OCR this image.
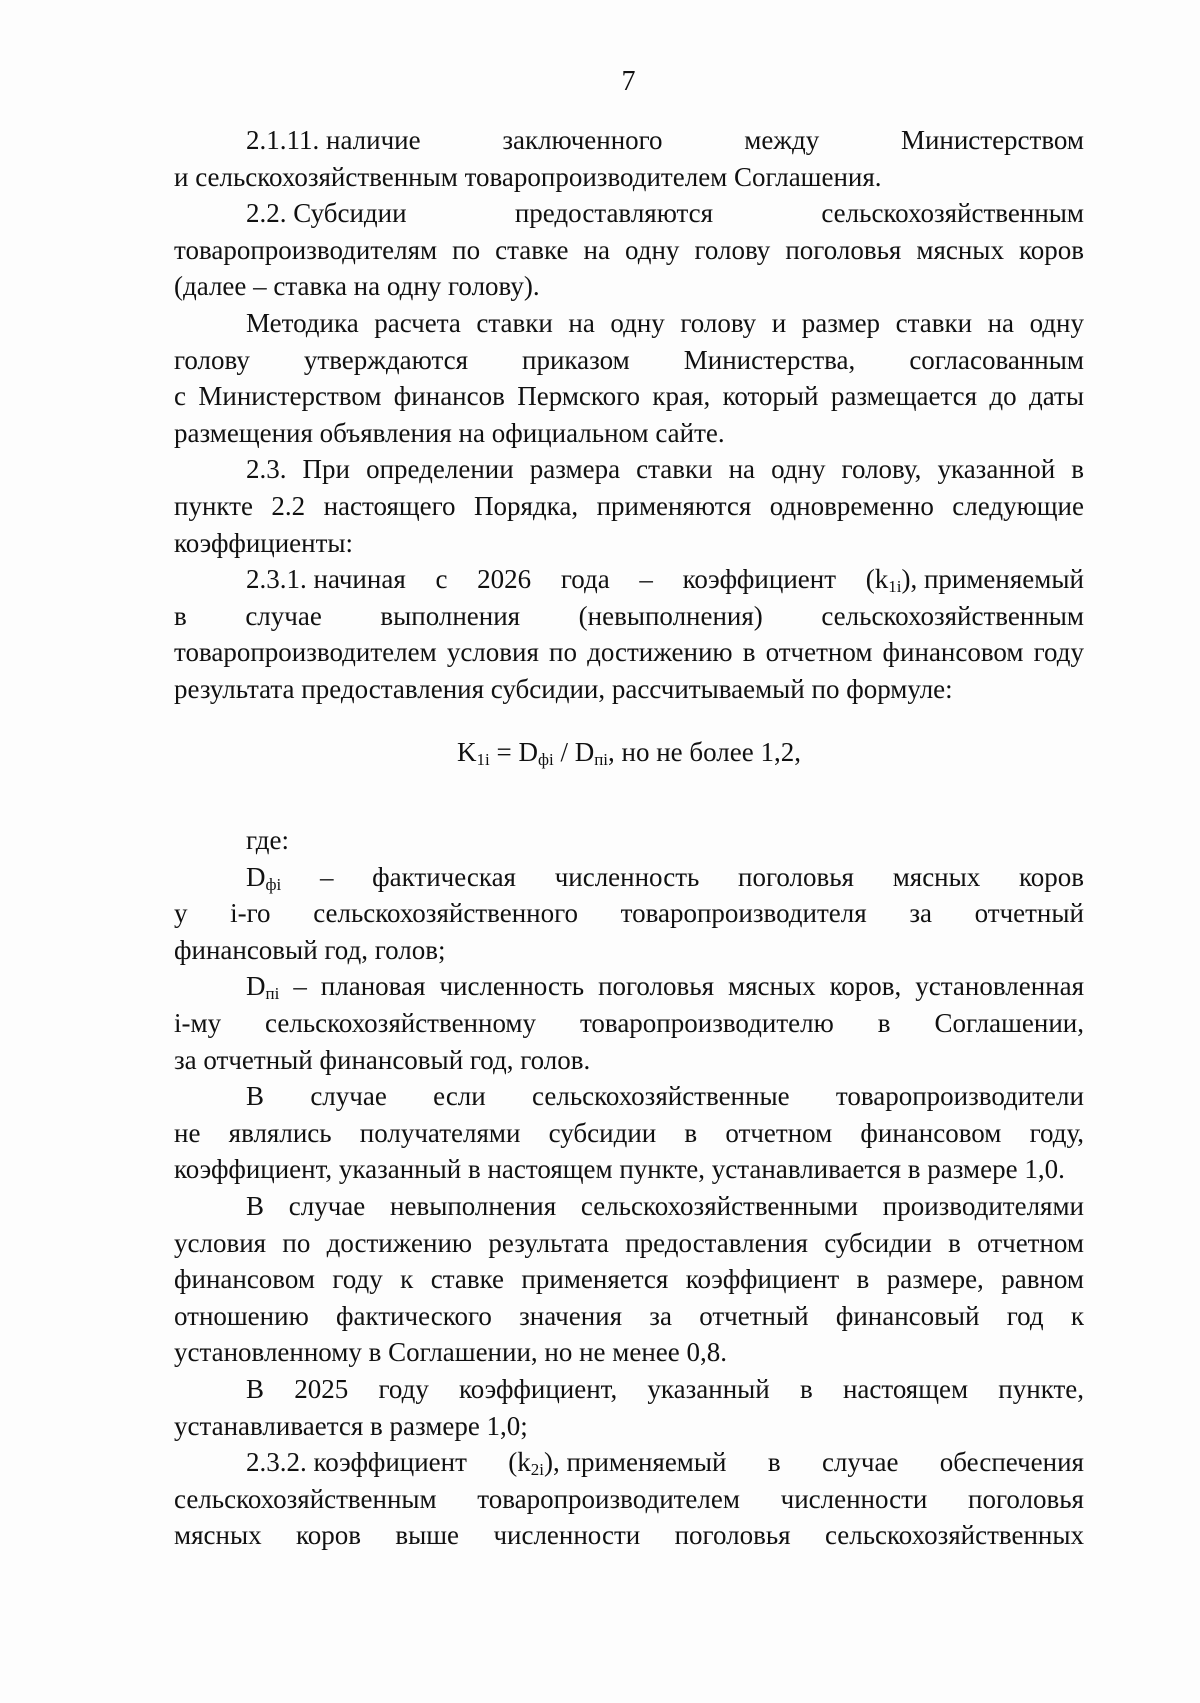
7
2.1.11. наличие	заключенного	между	Министерством
и сельскохозяйственным товаропроизводителем Соглашения.
2.2. Субсидии	предоставляются	сельскохозяйственным

товаропроизводителям по ставке на одну голову поголовья мясных коров (далее – ставка на одну голову).

Методика расчета ставки на одну голову и размер ставки на одну

голову утверждаются приказом Министерства, согласованным

с Министерством финансов Пермского края, который размещается до даты размещения объявления на официальном сайте.

2.3. При определении размера ставки на одну голову, указанной в пункте 2.2 настоящего Порядка, применяются одновременно следующие коэффициенты:

2.3.1. начиная с 2026 года – коэффициент $(k_{1i})$, применяемый
в случае выполнения (невыполнения) сельскохозяйственным

товаропроизводителем условия по достижению в отчетном финансовом году результата предоставления субсидии, рассчитываемый по формуле:

$K_{1i} = D_{фi} / D_{пi}$, но не более 1,2,

где:

$D_{фi}$ – фактическая численность поголовья мясных коров
у i-го сельскохозяйственного товаропроизводителя за отчетный
финансовый год, голов;

$D_{пi}$ – плановая численность поголовья мясных коров, установленная

i-му сельскохозяйственному товаропроизводителю в Соглашении,
за отчетный финансовый год, голов.
В случае если сельскохозяйственные товаропроизводители

не являлись получателями субсидии в отчетном финансовом году, коэффициент, указанный в настоящем пункте, устанавливается в размере 1,0.

В случае невыполнения сельскохозяйственными производителями условия по достижению результата предоставления субсидии в отчетном финансовом году к ставке применяется коэффициент в размере, равном отношению фактического значения за отчетный финансовый год к установленному в Соглашении, но не менее 0,8.

В 2025 году коэффициент, указанный в настоящем пункте, устанавливается в размере 1,0;

2.3.2. коэффициент $(k_{2i})$, применяемый в случае обеспечения
сельскохозяйственным товаропроизводителем численности поголовья
мясных коров выше численности поголовья сельскохозяйственных
